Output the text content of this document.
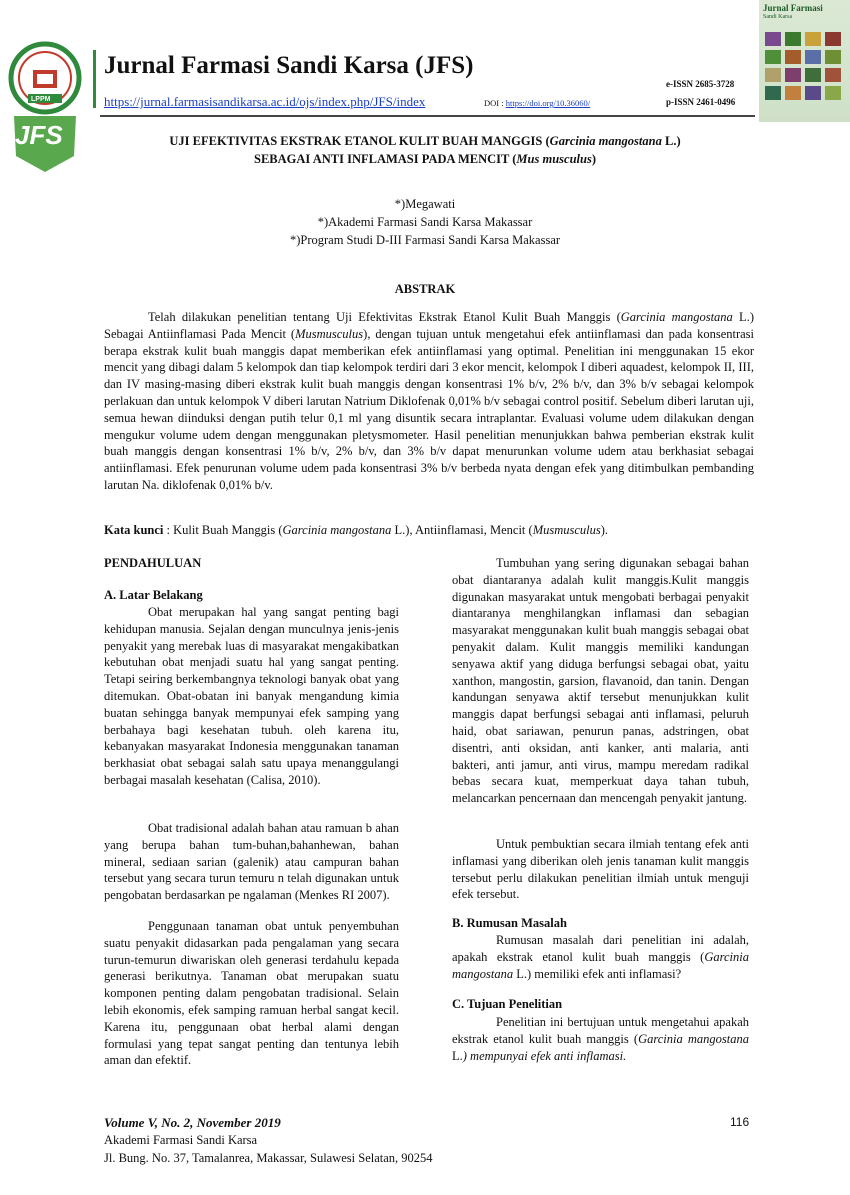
LPPM
JFS
Jurnal Farmasi Sandi Karsa (JFS)
https://jurnal.farmasisandikarsa.ac.id/ojs/index.php/JFS/index	DOI : https://doi.org/10.36060/
e-ISSN 2685-3728
p-ISSN 2461-0496
Jurnal Farmasi
Sandi Karsa
UJI EFEKTIVITAS EKSTRAK ETANOL KULIT BUAH MANGGIS (Garcinia mangostana L.)
SEBAGAI ANTI INFLAMASI PADA MENCIT (Mus musculus)
*)Megawati
*)Akademi Farmasi Sandi Karsa Makassar
*)Program Studi D-III Farmasi Sandi Karsa Makassar
ABSTRAK
Telah dilakukan penelitian tentang Uji Efektivitas Ekstrak Etanol Kulit Buah Manggis (Garcinia mangostana L.) Sebagai Antiinflamasi Pada Mencit (Musmusculus), dengan tujuan untuk mengetahui efek antiinflamasi dan pada konsentrasi berapa ekstrak kulit buah manggis dapat memberikan efek antiinflamasi yang optimal. Penelitian ini menggunakan 15 ekor mencit yang dibagi dalam 5 kelompok dan tiap kelompok terdiri dari 3 ekor mencit, kelompok I diberi aquadest, kelompok II, III, dan IV masing-masing diberi ekstrak kulit buah manggis dengan konsentrasi 1% b/v, 2% b/v, dan 3% b/v sebagai kelompok perlakuan dan untuk kelompok V diberi larutan Natrium Diklofenak 0,01% b/v sebagai control positif. Sebelum diberi larutan uji, semua hewan diinduksi dengan putih telur 0,1 ml yang disuntik secara intraplantar. Evaluasi volume udem dilakukan dengan mengukur volume udem dengan menggunakan pletysmometer. Hasil penelitian menunjukkan bahwa pemberian ekstrak kulit buah manggis dengan konsentrasi 1% b/v, 2% b/v, dan 3% b/v dapat menurunkan volume udem atau berkhasiat sebagai antiinflamasi. Efek penurunan volume udem pada konsentrasi 3% b/v berbeda nyata dengan efek yang ditimbulkan pembanding larutan Na. diklofenak 0,01% b/v.
Kata kunci : Kulit Buah Manggis (Garcinia mangostana L.), Antiinflamasi, Mencit (Musmusculus).
PENDAHULUAN
A. Latar Belakang
Obat merupakan hal yang sangat penting bagi kehidupan manusia. Sejalan dengan munculnya jenis-jenis penyakit yang merebak luas di masyarakat mengakibatkan kebutuhan obat menjadi suatu hal yang sangat penting. Tetapi seiring berkembangnya teknologi banyak obat yang ditemukan. Obat-obatan ini banyak mengandung kimia buatan sehingga banyak mempunyai efek samping yang berbahaya bagi kesehatan tubuh. oleh karena itu, kebanyakan masyarakat Indonesia menggunakan tanaman berkhasiat obat sebagai salah satu upaya menanggulangi berbagai masalah kesehatan (Calisa, 2010).
Obat tradisional adalah bahan atau ramuan b ahan yang berupa bahan tum-buhan,bahanhewan, bahan mineral, sediaan sarian (galenik) atau campuran bahan tersebut yang secara turun temuru n telah digunakan untuk pengobatan berdasarkan pe ngalaman (Menkes RI 2007).
Penggunaan tanaman obat untuk penyembuhan suatu penyakit didasarkan pada pengalaman yang secara turun-temurun diwariskan oleh generasi terdahulu kepada generasi berikutnya. Tanaman obat merupakan suatu komponen penting dalam pengobatan tradisional. Selain lebih ekonomis, efek samping ramuan herbal sangat kecil. Karena itu, penggunaan obat herbal alami dengan formulasi yang tepat sangat penting dan tentunya lebih aman dan efektif.
Tumbuhan yang sering digunakan sebagai bahan obat diantaranya adalah kulit manggis.Kulit manggis digunakan masyarakat untuk mengobati berbagai penyakit diantaranya menghilangkan inflamasi dan sebagian masyarakat menggunakan kulit buah manggis sebagai obat penyakit dalam. Kulit manggis memiliki kandungan senyawa aktif yang diduga berfungsi sebagai obat, yaitu xanthon, mangostin, garsion, flavanoid, dan tanin. Dengan kandungan senyawa aktif tersebut menunjukkan kulit manggis dapat berfungsi sebagai anti inflamasi, peluruh haid, obat sariawan, penurun panas, adstringen, obat disentri, anti oksidan, anti kanker, anti malaria, anti bakteri, anti jamur, anti virus, mampu meredam radikal bebas secara kuat, memperkuat daya tahan tubuh, melancarkan pencernaan dan mencengah penyakit jantung.
Untuk pembuktian secara ilmiah tentang efek anti inflamasi yang diberikan oleh jenis tanaman kulit manggis tersebut perlu dilakukan penelitian ilmiah untuk menguji efek tersebut.
B. Rumusan Masalah
Rumusan masalah dari penelitian ini adalah, apakah ekstrak etanol kulit buah manggis (Garcinia mangostana L.) memiliki efek anti inflamasi?
C. Tujuan Penelitian
Penelitian ini bertujuan untuk mengetahui apakah ekstrak etanol kulit buah manggis (Garcinia mangostana L.) mempunyai efek anti inflamasi.
Volume V, No. 2, November 2019
Akademi Farmasi Sandi Karsa
Jl. Bung. No. 37, Tamalanrea, Makassar, Sulawesi Selatan, 90254
116
